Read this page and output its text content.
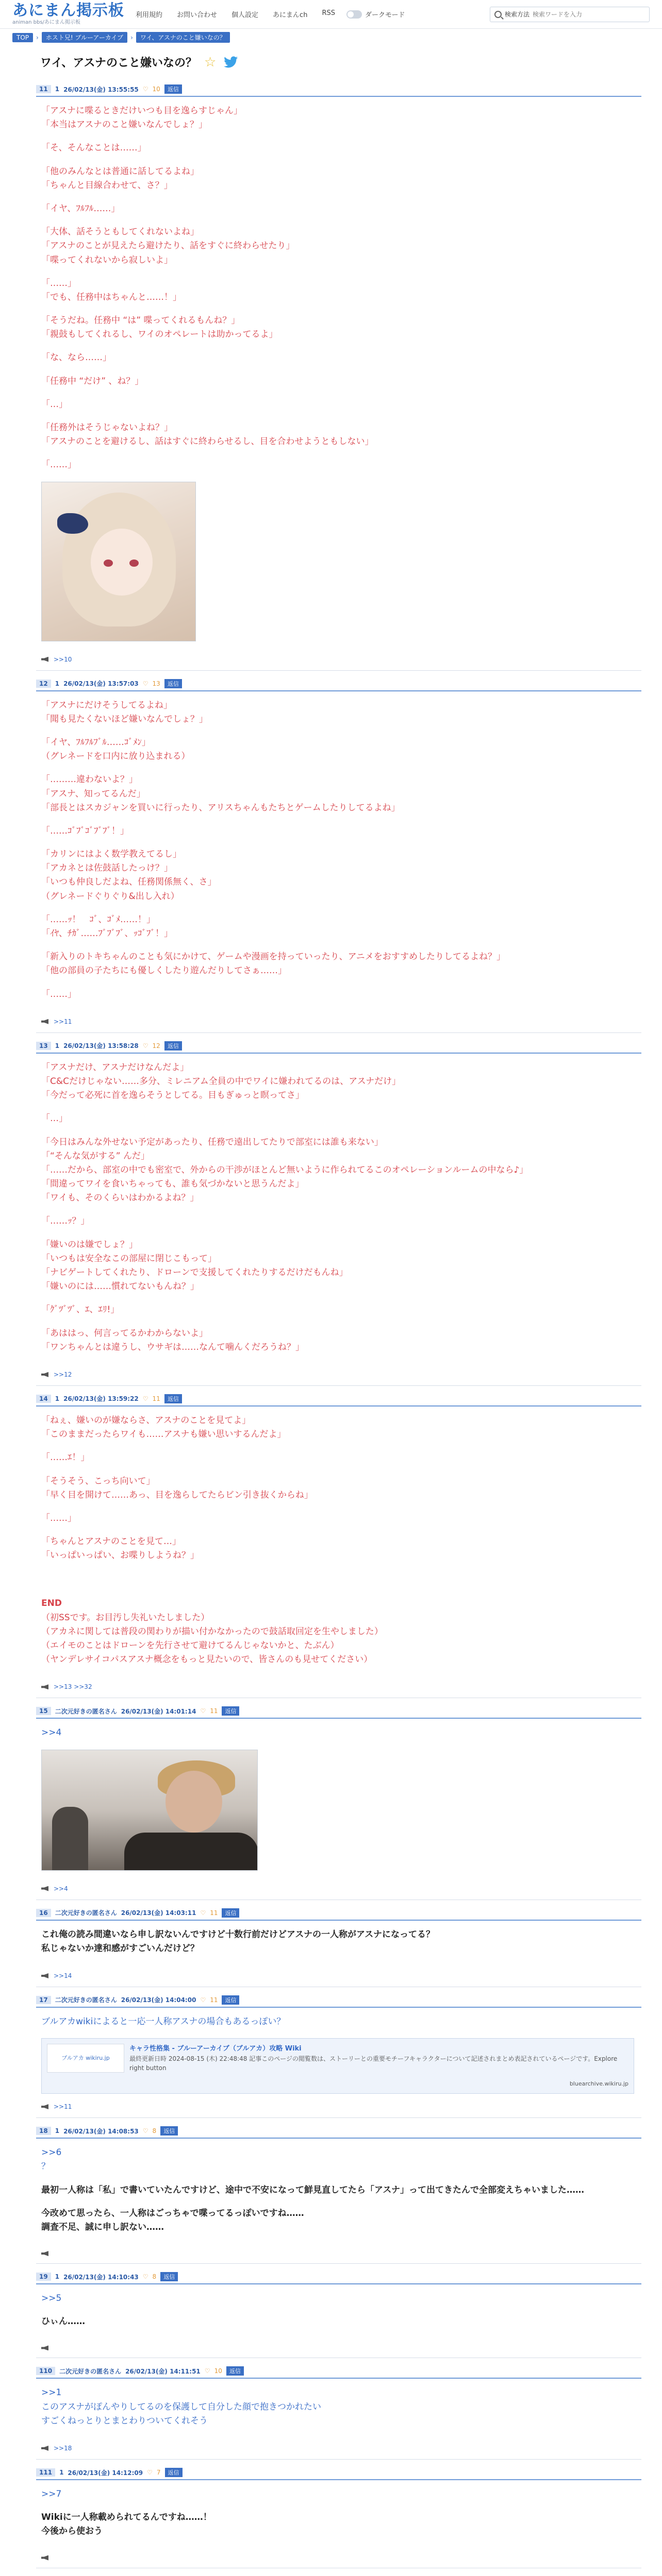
あにまん掲示板
animan bbs/あにまん掲示板
利用規約 お問い合わせ 個人設定 あにまんch RSS	ダークモード	検索方法
検索ワードを入力
TOP	›	ホスト兄! ブルーアーカイブ	›	ワイ、アスナのこと嫌いなの？
ワイ、アスナのこと嫌いなの？ ☆
11	1 26/02/13(金) 13:55:55 ♡ 10	返信
「アスナに喋るときだけいつも目を逸らすじゃん」
「本当はアスナのこと嫌いなんでしょ？」
「そ、そんなことは……」
「他のみんなとは普通に話してるよね」
「ちゃんと目線合わせて、さ？」
「イヤ、ﾌﾙﾌﾙ……」
「大体、話そうともしてくれないよね」
「アスナのことが見えたら避けたり、話をすぐに終わらせたり」
「喋ってくれないから寂しいよ」
「……」
「でも、任務中はちゃんと……！」
「そうだね。任務中 “は” 喋ってくれるもんね？」
「親鼓もしてくれるし、ワイのオペレートは助かってるよ」
「な、なら……」
「任務中 “だけ” 、ね？」
「…」
「任務外はそうじゃないよね？」
「アスナのことを避けるし、話はすぐに終わらせるし、目を合わせようともしない」
「……」
>>10
12	1 26/02/13(金) 13:57:03 ♡ 13	返信
「アスナにだけそうしてるよね」
「聞も見たくないほど嫌いなんでしょ？」
「イヤ、ﾌﾙﾌﾙﾌﾞﾙ……ｺﾞﾒﾝ」
（グレネードを口内に放り込まれる）
「………違わないよ？」
「アスナ、知ってるんだ」
「部長とはスカジャンを買いに行ったり、アリスちゃんもたちとゲームしたりしてるよね」
「……ｺﾞﾌﾞｺﾞﾌﾞﾌﾞ！」
「カリンにはよく数学教えてるし」
「アカネとは佐鼓話したっけ？」
「いつも仲良しだよね、任務関係無く、さ」
（グレネードぐりぐり&出し入れ）
「……ｯ！　ｺﾞ、ｺﾞﾒ……！」
「ｲﾔ、ﾁｶﾞ……ﾌﾞﾌﾞﾌﾞ、ｯｺﾞﾌﾞ！」
「新入りのトキちゃんのことも気にかけて、ゲームや漫画を持っていったり、アニメをおすすめしたりしてるよね？」
「他の部員の子たちにも優しくしたり遊んだりしてさぁ……」
「……」
>>11
13	1 26/02/13(金) 13:58:28 ♡ 12	返信
「アスナだけ、アスナだけなんだよ」
「C&Cだけじゃない……多分、ミレニアム全員の中でワイに嫌われてるのは、アスナだけ」
「今だって必死に首を逸らそうとしてる。目もぎゅっと瞑ってさ」
「…」
「今日はみんな外せない予定があったり、任務で遠出してたりで部室には誰も来ない」
「“そんな気がする” んだ」
「……だから、部室の中でも密室で、外からの干渉がほとんど無いように作られてるこのオペレーションルームの中なら♪」
「間違ってワイを食いちゃっても、誰も気づかないと思うんだよ」
「ワイも、そのくらいはわかるよね？」
「……ｯ？」
「嫌いのは嫌でしょ？」
「いつもは安全なこの部屋に閉じこもって」
「ナビゲートしてくれたり、ドローンで支援してくれたりするだけだもんね」
「嫌いのには……慣れてないもんね？」
「ｸﾞﾂﾞﾂﾞ、ｴ、ｴﾘ!」
「あははっ、何言ってるかわからないよ」
「ワンちゃんとは違うし、ウサギは……なんて噛んくだろうね？」
>>12
14	1 26/02/13(金) 13:59:22 ♡ 11	返信
「ねぇ、嫌いのが嫌ならさ、アスナのことを見てよ」
「このままだったらワイも……アスナも嫌い思いするんだよ」
「……ｴ！」
「そうそう、こっち向いて」
「早く目を開けて……あっ、目を逸らしてたらビン引き抜くからね」
「……」
「ちゃんとアスナのことを見て…」
「いっぱいっぱい、お喋りしようね？」
END
（初SSです。お目汚し失礼いたしました）
（アカネに関しては普段の関わりが描い付かなかったので鼓話取回定を生やしました）
（エイモのことはドローンを先行させて避けてるんじゃないかと、たぶん）
（ヤンデレサイコパスアスナ概念をもっと見たいので、皆さんのも見せてください）
>>13 >>32
15	二次元好きの匿名さん 26/02/13(金) 14:01:14 ♡ 11	返信
>>4
>>4
16	二次元好きの匿名さん 26/02/13(金) 14:03:11 ♡ 11	返信
これ俺の読み間違いなら申し訳ないんですけど十数行前だけどアスナの一人称がアスナになってる？
私じゃないか達和感がすごいんだけど？
>>14
17	二次元好きの匿名さん 26/02/13(金) 14:04:00 ♡ 11	返信
ブルアカwikiによると一応一人称アスナの場合もあるっぽい？
ブルアカ wikiru.jp
キャラ性格集 - ブルーアーカイブ（ブルアカ）攻略 Wiki
最終更新日時 2024-08-15 (木) 22:48:48 記事このページの閲覧数は、ストーリーとの重要モチーフキャラクターについて記述されまとめ表記されているページです。Explore right button
bluearchive.wikiru.jp
>>11
18	1 26/02/13(金) 14:08:53 ♡ 8	返信
>>6
？
最初一人称は「私」で書いていたんですけど、途中で不安になって鮮見直してたら「アスナ」って出てきたんで全部変えちゃいました……
今改めて思ったら、一人称はごっちゃで喋ってるっぽいですね……
調査不足、誠に申し訳ない……
19	1 26/02/13(金) 14:10:43 ♡ 8	返信
>>5
ひぃん……
110	二次元好きの匿名さん 26/02/13(金) 14:11:51 ♡ 10	返信
>>1
このアスナがぽんやりしてるのを保護して自分した顔で抱きつかれたい
すごくねっとりとまとわりついてくれそう
>>18
111	1 26/02/13(金) 14:12:09 ♡ 7	返信
>>7
Wikiに一人称載められてるんですね……！
今後から使おう
